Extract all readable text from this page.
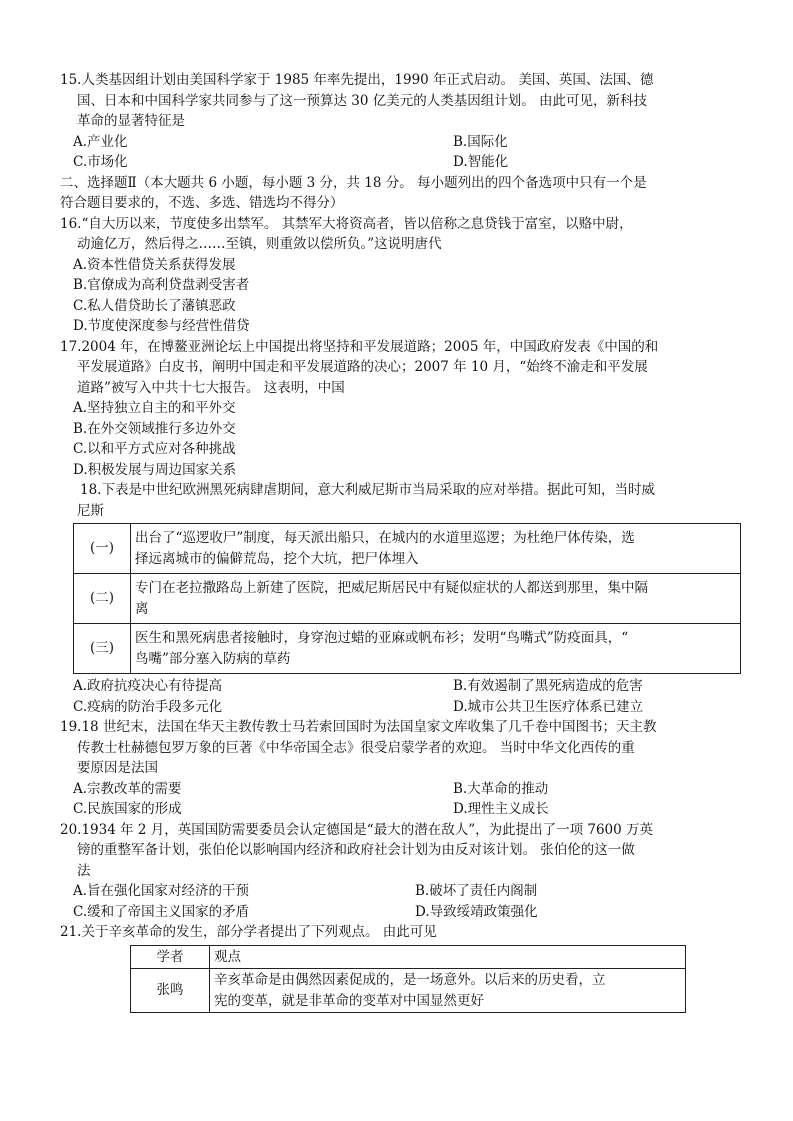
15.人类基因组计划由美国科学家于 1985 年率先提出，1990 年正式启动。 美国、英国、法国、德
国、日本和中国科学家共同参与了这一预算达 30 亿美元的人类基因组计划。 由此可见，新科技
革命的显著特征是
A.产业化	B.国际化
C.市场化	D.智能化
二、选择题Ⅱ（本大题共 6 小题，每小题 3 分，共 18 分。 每小题列出的四个备选项中只有一个是
符合题目要求的，不选、多选、错选均不得分）
16.“自大历以来，节度使多出禁军。 其禁军大将资高者，皆以倍称之息贷钱于富室，以赂中尉，
动逾亿万，然后得之……至镇，则重敛以偿所负。”这说明唐代
A.资本性借贷关系获得发展
B.官僚成为高利贷盘剥受害者
C.私人借贷助长了藩镇恶政
D.节度使深度参与经营性借贷
17.2004 年，在博鳌亚洲论坛上中国提出将坚持和平发展道路；2005 年，中国政府发表《中国的和
平发展道路》白皮书，阐明中国走和平发展道路的决心；2007 年 10 月，“始终不渝走和平发展
道路”被写入中共十七大报告。 这表明，中国
A.坚持独立自主的和平外交
B.在外交领域推行多边外交
C.以和平方式应对各种挑战
D.积极发展与周边国家关系
18.下表是中世纪欧洲黑死病肆虐期间，意大利威尼斯市当局采取的应对举措。据此可知，当时威
尼斯
(一)	出台了“巡逻收尸”制度，每天派出船只，在城内的水道里巡逻；为杜绝尸体传染，选
择远离城市的偏僻荒岛，挖个大坑，把尸体埋入

(二)	专门在老拉撒路岛上新建了医院，把威尼斯居民中有疑似症状的人都送到那里，集中隔
离

(三)	医生和黑死病患者接触时，身穿泡过蜡的亚麻或帆布衫；发明“鸟嘴式”防疫面具，“
鸟嘴”部分塞入防病的草药
A.政府抗疫决心有待提高	B.有效遏制了黑死病造成的危害
C.疫病的防治手段多元化	D.城市公共卫生医疗体系已建立
19.18 世纪末，法国在华天主教传教士马若索回国时为法国皇家文库收集了几千卷中国图书；天主教
传教士杜赫德包罗万象的巨著《中华帝国全志》很受启蒙学者的欢迎。 当时中华文化西传的重
要原因是法国
A.宗教改革的需要	B.大革命的推动
C.民族国家的形成	D.理性主义成长
20.1934 年 2 月，英国国防需要委员会认定德国是“最大的潜在敌人”，为此提出了一项 7600 万英
镑的重整军备计划，张伯伦以影响国内经济和政府社会计划为由反对该计划。 张伯伦的这一做
法
A.旨在强化国家对经济的干预	B.破坏了责任内阁制
C.缓和了帝国主义国家的矛盾	D.导致绥靖政策强化
21.关于辛亥革命的发生，部分学者提出了下列观点。 由此可见
学者	观点
张鸣	辛亥革命是由偶然因素促成的，是一场意外。以后来的历史看，立
宪的变革，就是非革命的变革对中国显然更好
